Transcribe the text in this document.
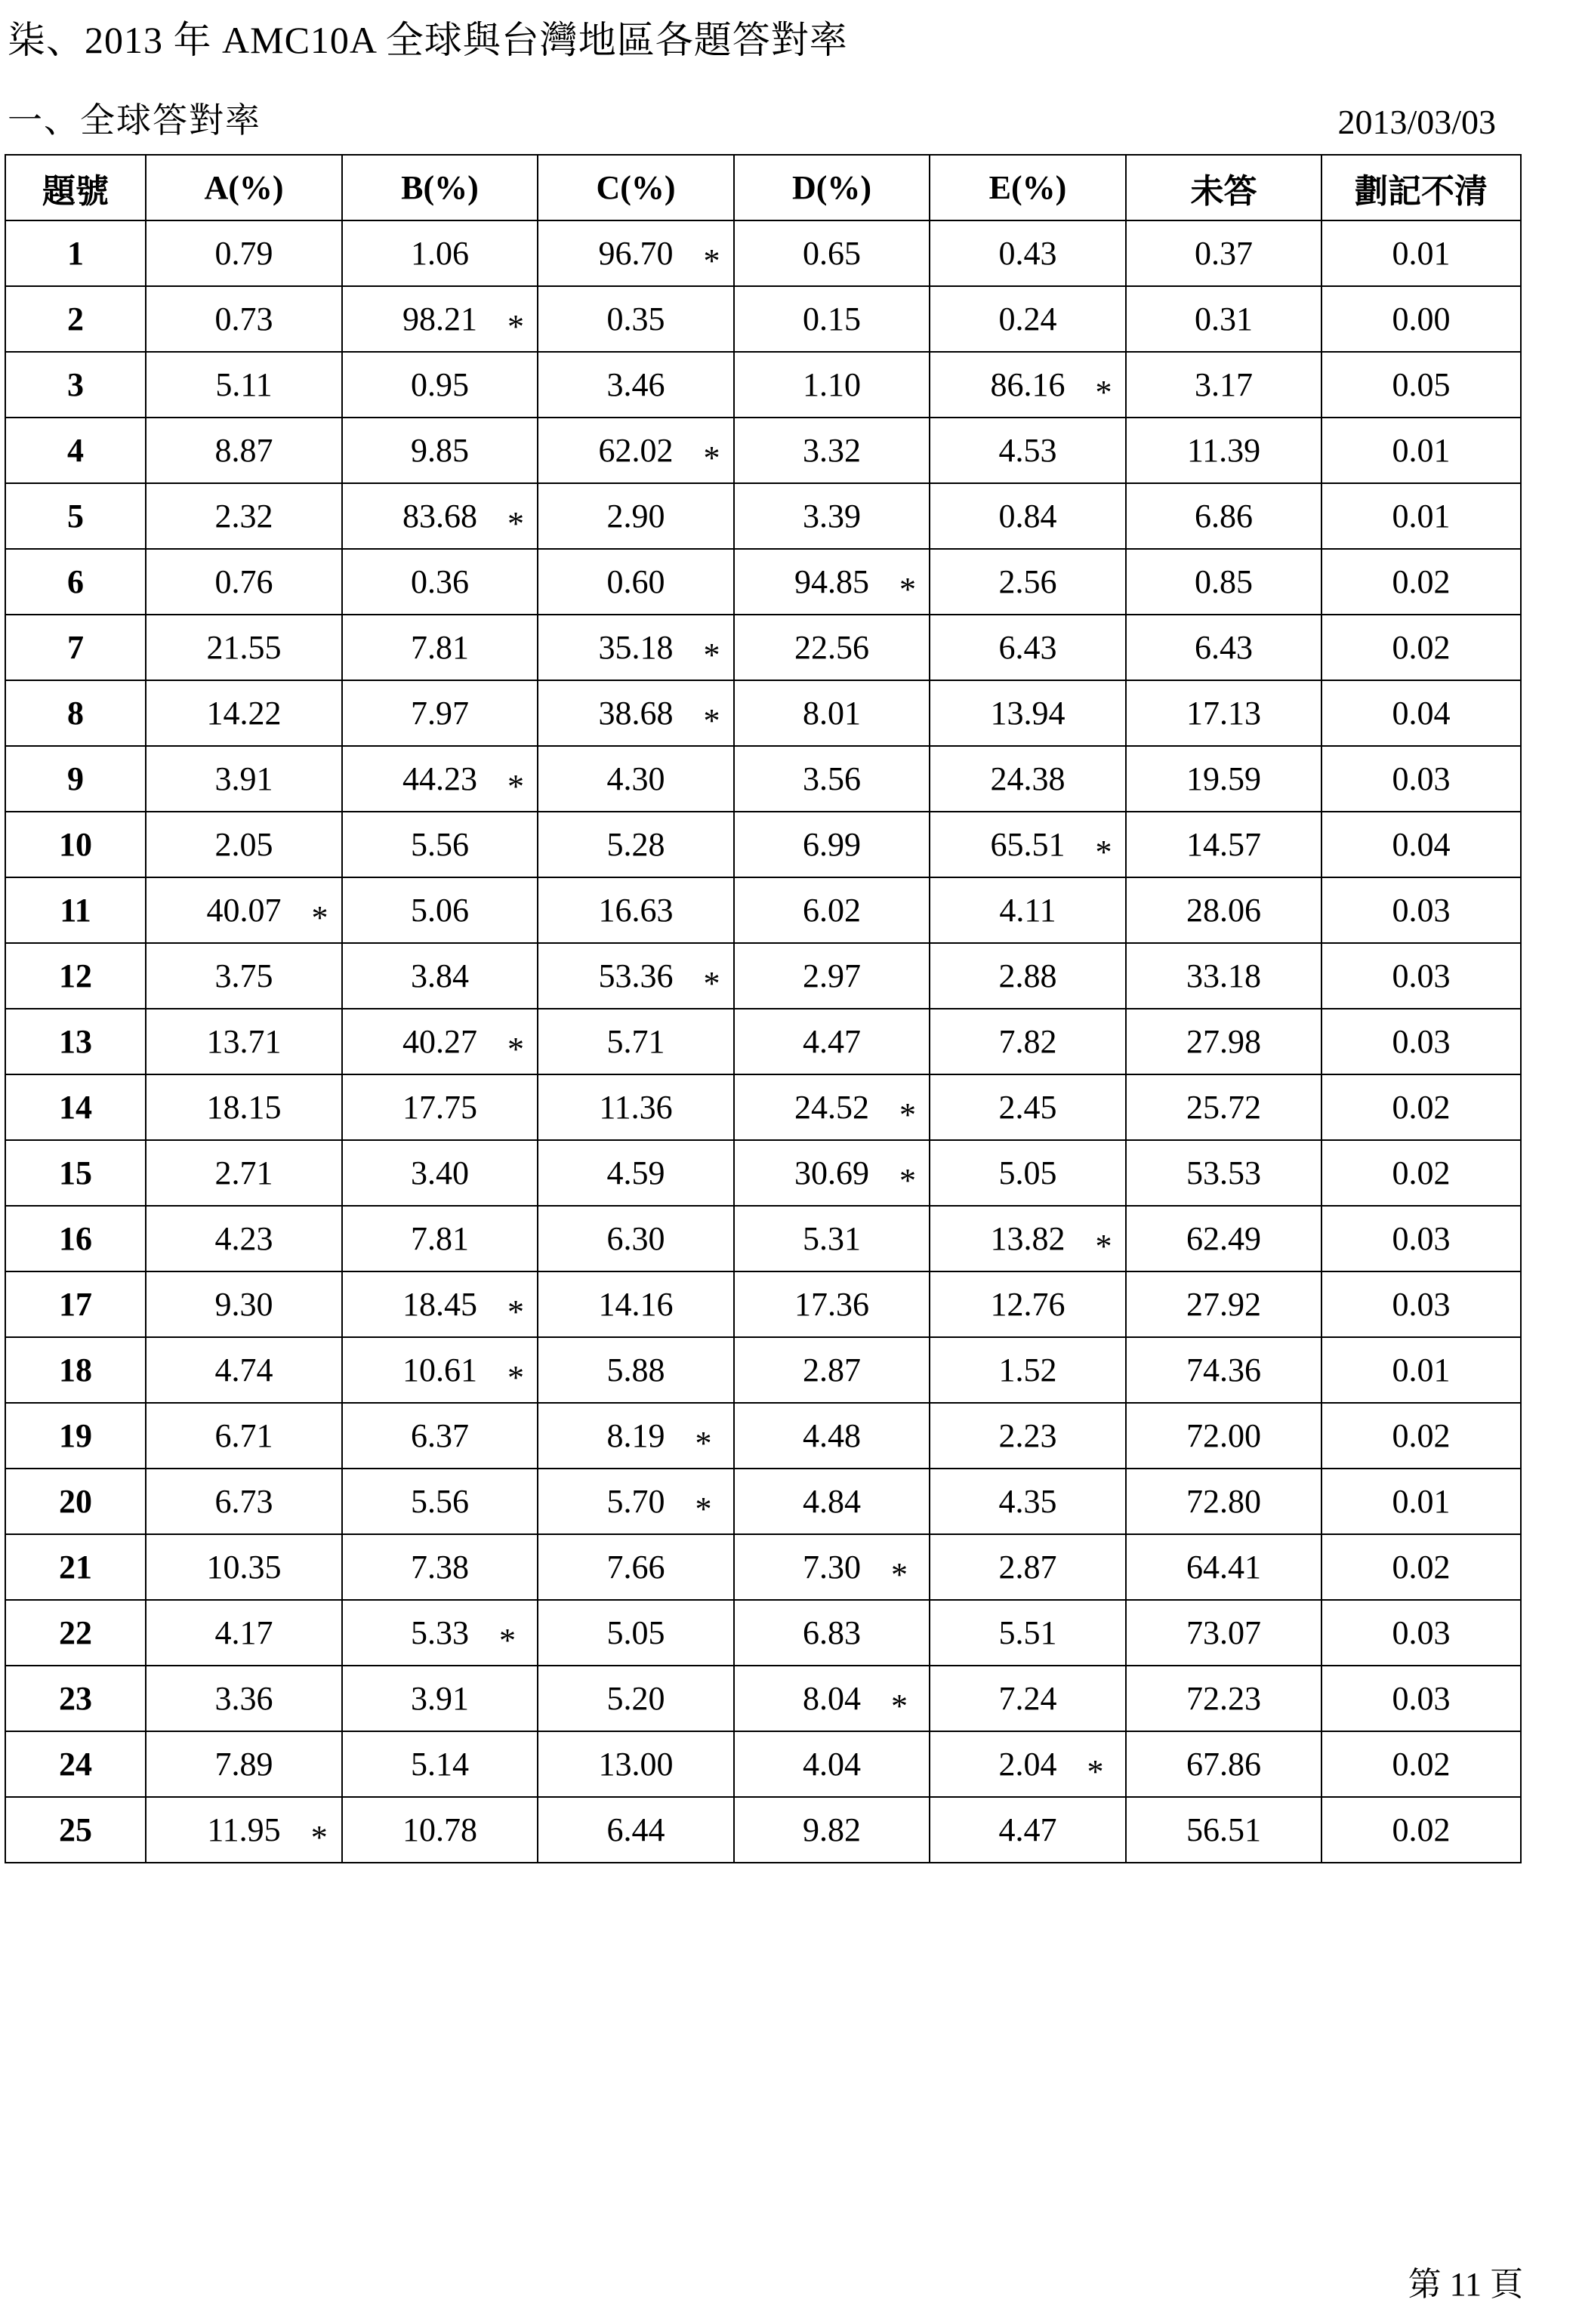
柒、2013 年 AMC10A 全球與台灣地區各題答對率
一、全球答對率	2013/03/03
題號	A(%)	B(%)	C(%)	D(%)	E(%)	未答	劃記不清
1	0.79	1.06	96.70 *	0.65	0.43	0.37	0.01
2	0.73	98.21 *	0.35	0.15	0.24	0.31	0.00
3	5.11	0.95	3.46	1.10	86.16 *	3.17	0.05
4	8.87	9.85	62.02 *	3.32	4.53	11.39	0.01
5	2.32	83.68 *	2.90	3.39	0.84	6.86	0.01
6	0.76	0.36	0.60	94.85 *	2.56	0.85	0.02
7	21.55	7.81	35.18 *	22.56	6.43	6.43	0.02
8	14.22	7.97	38.68 *	8.01	13.94	17.13	0.04
9	3.91	44.23 *	4.30	3.56	24.38	19.59	0.03
10	2.05	5.56	5.28	6.99	65.51 *	14.57	0.04
11	40.07 *	5.06	16.63	6.02	4.11	28.06	0.03
12	3.75	3.84	53.36 *	2.97	2.88	33.18	0.03
13	13.71	40.27 *	5.71	4.47	7.82	27.98	0.03
14	18.15	17.75	11.36	24.52 *	2.45	25.72	0.02
15	2.71	3.40	4.59	30.69 *	5.05	53.53	0.02
16	4.23	7.81	6.30	5.31	13.82 *	62.49	0.03
17	9.30	18.45 *	14.16	17.36	12.76	27.92	0.03
18	4.74	10.61 *	5.88	2.87	1.52	74.36	0.01
19	6.71	6.37	8.19 *	4.48	2.23	72.00	0.02
20	6.73	5.56	5.70 *	4.84	4.35	72.80	0.01
21	10.35	7.38	7.66	7.30 *	2.87	64.41	0.02
22	4.17	5.33 *	5.05	6.83	5.51	73.07	0.03
23	3.36	3.91	5.20	8.04 *	7.24	72.23	0.03
24	7.89	5.14	13.00	4.04	2.04 *	67.86	0.02
25	11.95 *	10.78	6.44	9.82	4.47	56.51	0.02
第 11 頁
